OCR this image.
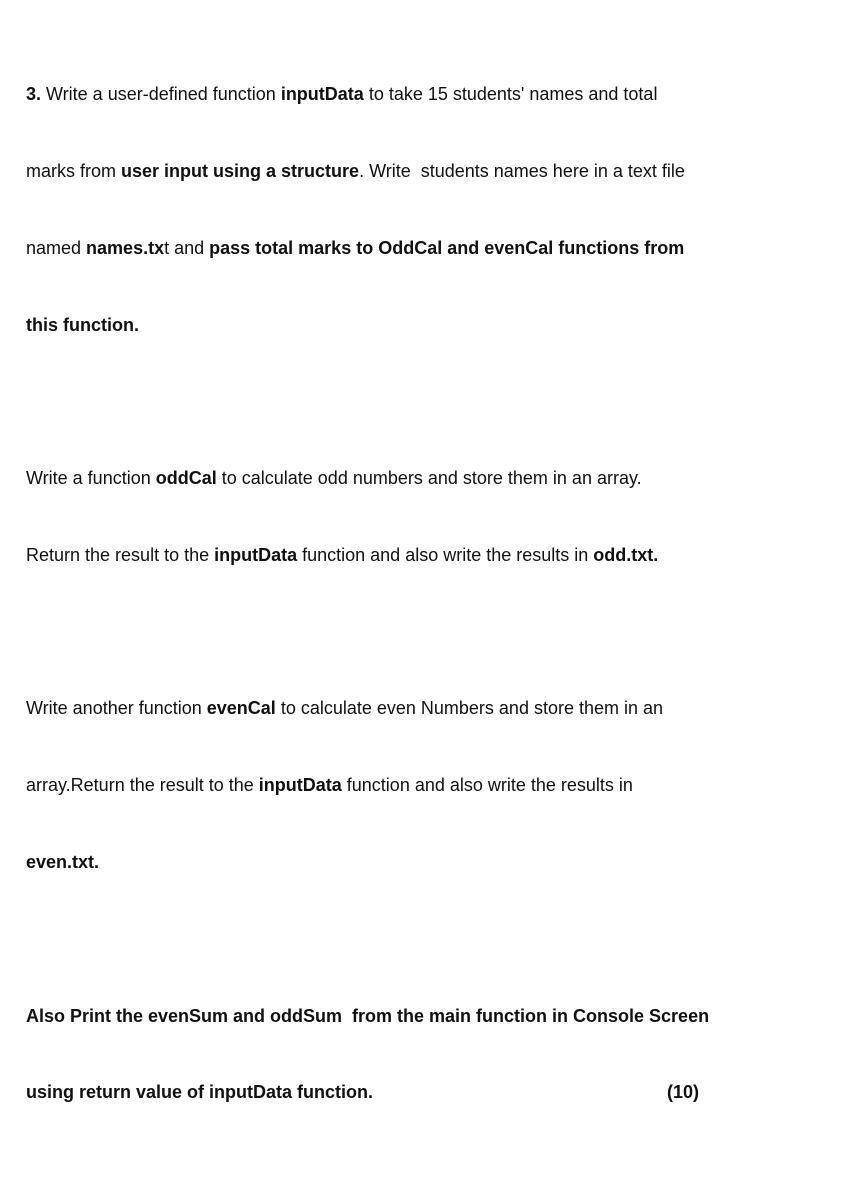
3. Write a user-defined function inputData to take 15 students' names and total

marks from user input using a structure. Write  students names here in a text file

named names.txt and pass total marks to OddCal and evenCal functions from

this function.

Write a function oddCal to calculate odd numbers and store them in an array.

Return the result to the inputData function and also write the results in odd.txt.

Write another function evenCal to calculate even Numbers and store them in an

array.Return the result to the inputData function and also write the results in

even.txt.

Also Print the evenSum and oddSum  from the main function in Console Screen

using return value of inputData function.	(10)
